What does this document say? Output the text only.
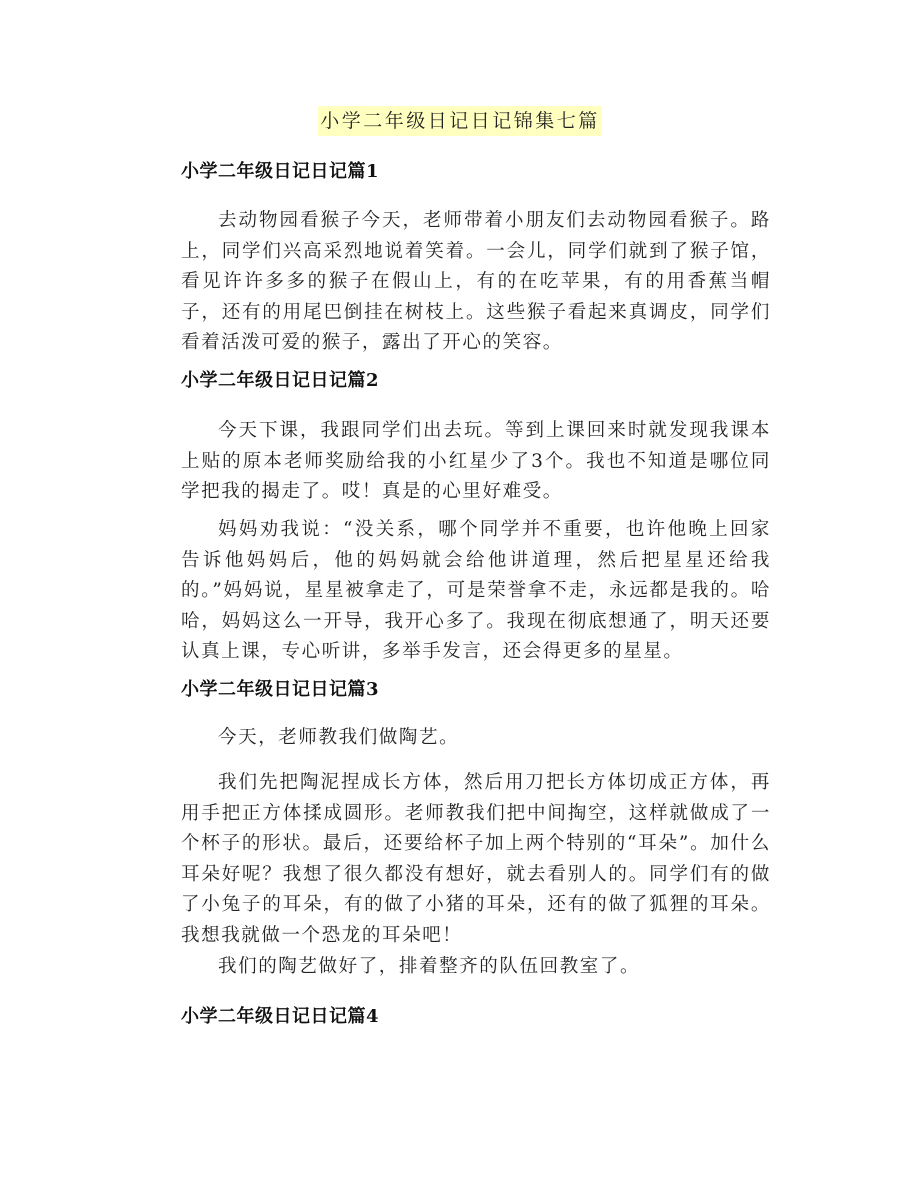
小学二年级日记日记锦集七篇
小学二年级日记日记篇1
去动物园看猴子今天，老师带着小朋友们去动物园看猴子。路上，同学们兴高采烈地说着笑着。一会儿，同学们就到了猴子馆，看见许许多多的猴子在假山上，有的在吃苹果，有的用香蕉当帽子，还有的用尾巴倒挂在树枝上。这些猴子看起来真调皮，同学们看着活泼可爱的猴子，露出了开心的笑容。
小学二年级日记日记篇2
今天下课，我跟同学们出去玩。等到上课回来时就发现我课本上贴的原本老师奖励给我的小红星少了3个。我也不知道是哪位同学把我的揭走了。哎！真是的心里好难受。
妈妈劝我说：“没关系，哪个同学并不重要，也许他晚上回家告诉他妈妈后，他的妈妈就会给他讲道理，然后把星星还给我的。”妈妈说，星星被拿走了，可是荣誉拿不走，永远都是我的。哈哈，妈妈这么一开导，我开心多了。我现在彻底想通了，明天还要认真上课，专心听讲，多举手发言，还会得更多的星星。
小学二年级日记日记篇3
今天，老师教我们做陶艺。
我们先把陶泥捏成长方体，然后用刀把长方体切成正方体，再用手把正方体揉成圆形。老师教我们把中间掏空，这样就做成了一个杯子的形状。最后，还要给杯子加上两个特别的“耳朵”。加什么耳朵好呢？我想了很久都没有想好，就去看别人的。同学们有的做了小兔子的耳朵，有的做了小猪的耳朵，还有的做了狐狸的耳朵。我想我就做一个恐龙的耳朵吧！
我们的陶艺做好了，排着整齐的队伍回教室了。
小学二年级日记日记篇4
